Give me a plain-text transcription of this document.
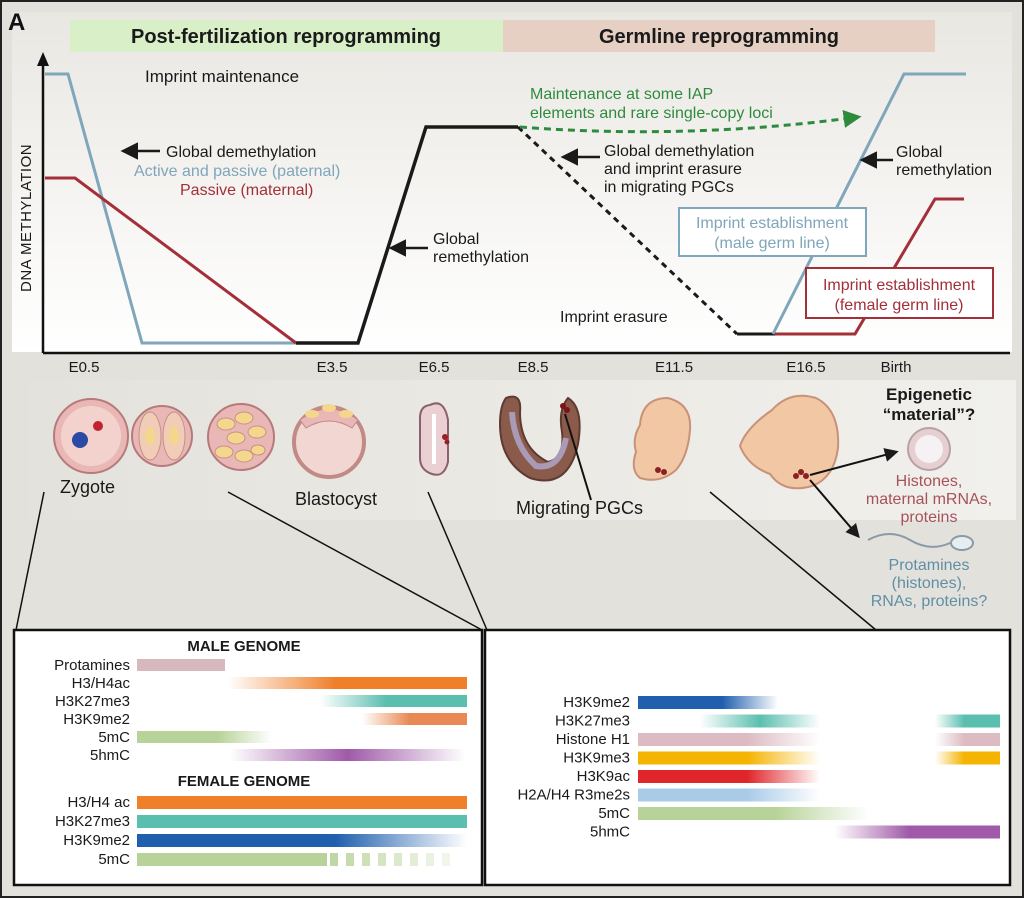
A
Post-fertilization reprogramming	Germline reprogramming
DNA METHYLATION
Imprint maintenance
Global demethylation
Active and passive (paternal)
Passive (maternal)
Global
remethylation
Maintenance at some IAP
elements and rare single-copy loci
Global demethylation
and imprint erasure
in migrating PGCs
Global
remethylation
Imprint establishment
(male germ line)
Imprint establishment
(female germ line)
Imprint erasure
E0.5	E3.5	E6.5	E8.5	E11.5	E16.5	Birth
Zygote
Blastocyst	Migrating PGCs
Epigenetic
“material”?
Histones,
maternal mRNAs,
proteins
Protamines
(histones),
RNAs, proteins?
MALE GENOME
FEMALE GENOME
Protamines
H3/H4ac
H3K27me3
H3K9me2
5mC
5hmC
H3/H4 ac
H3K27me3
H3K9me2
5mC
H3K9me2
H3K27me3
Histone H1
H3K9me3
H3K9ac
H2A/H4 R3me2s
5mC
5hmC
